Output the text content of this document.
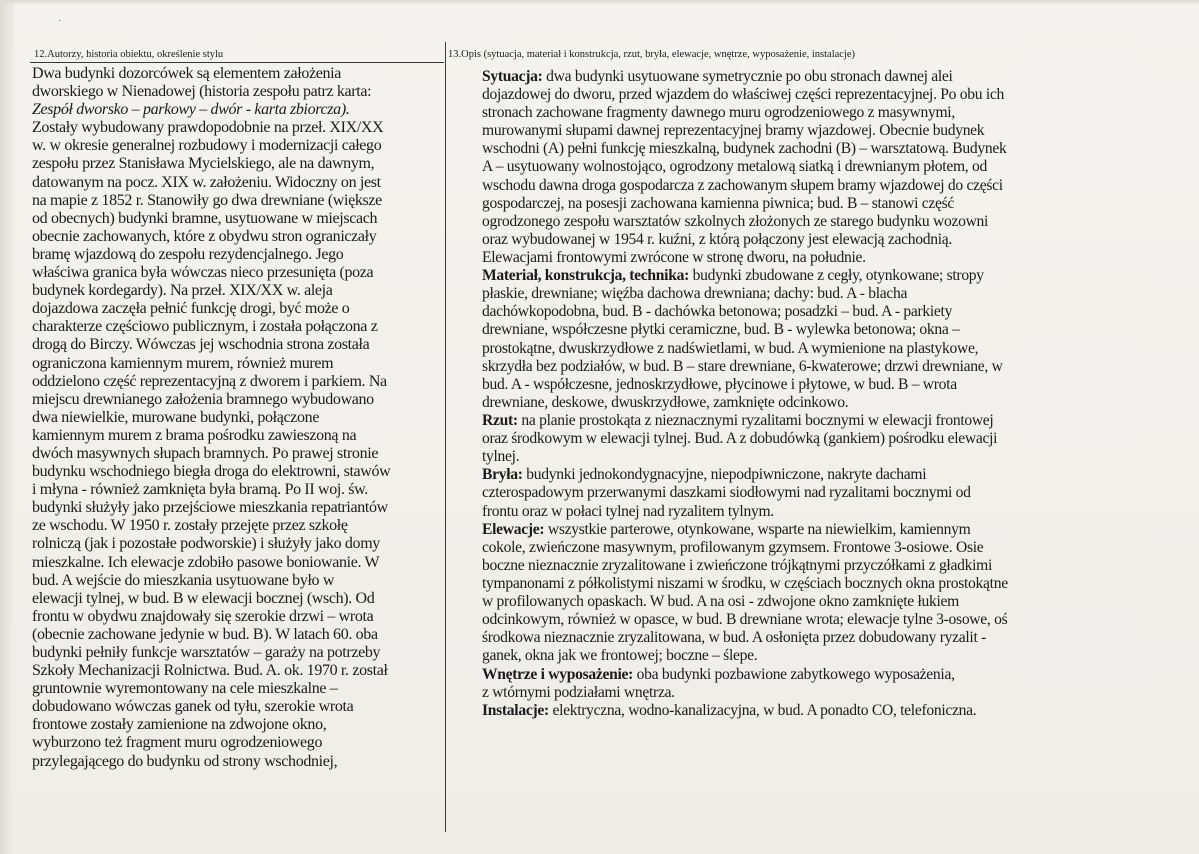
·
12.Autorzy, historia obiektu, określenie stylu
Dwa budynki dozorcówek są elementem założenia
dworskiego w Nienadowej (historia zespołu patrz karta:
Zespół dworsko – parkowy – dwór - karta zbiorcza).
Zostały wybudowany prawdopodobnie na przeł. XIX/XX
w. w okresie generalnej rozbudowy i modernizacji całego
zespołu przez Stanisława Mycielskiego, ale na dawnym,
datowanym na pocz. XIX w. założeniu. Widoczny on jest
na mapie z 1852 r. Stanowiły go dwa drewniane (większe
od obecnych) budynki bramne, usytuowane w miejscach
obecnie zachowanych, które z obydwu stron ograniczały
bramę wjazdową do zespołu rezydencjalnego. Jego
właściwa granica była wówczas nieco przesunięta (poza
budynek kordegardy). Na przeł. XIX/XX w. aleja
dojazdowa zaczęła pełnić funkcję drogi, być może o
charakterze częściowo publicznym, i została połączona z
drogą do Birczy. Wówczas jej wschodnia strona została
ograniczona kamiennym murem, również murem
oddzielono część reprezentacyjną z dworem i parkiem. Na
miejscu drewnianego założenia bramnego wybudowano
dwa niewielkie, murowane budynki, połączone
kamiennym murem z brama pośrodku zawieszoną na
dwóch masywnych słupach bramnych. Po prawej stronie
budynku wschodniego biegła droga do elektrowni, stawów
i młyna - również zamknięta była bramą. Po II woj. św.
budynki służyły jako przejściowe mieszkania repatriantów
ze wschodu. W 1950 r. zostały przejęte przez szkołę
rolniczą (jak i pozostałe podworskie) i służyły jako domy
mieszkalne. Ich elewacje zdobiło pasowe boniowanie. W
bud. A wejście do mieszkania usytuowane było w
elewacji tylnej, w bud. B w elewacji bocznej (wsch). Od
frontu w obydwu znajdowały się szerokie drzwi – wrota
(obecnie zachowane jedynie w bud. B). W latach 60. oba
budynki pełniły funkcje warsztatów – garaży na potrzeby
Szkoły Mechanizacji Rolnictwa. Bud. A. ok. 1970 r. został
gruntownie wyremontowany na cele mieszkalne –
dobudowano wówczas ganek od tyłu, szerokie wrota
frontowe zostały zamienione na zdwojone okno,
wyburzono też fragment muru ogrodzeniowego
przylegającego do budynku od strony wschodniej,
13.Opis (sytuacja, materiał i konstrukcja, rzut, bryła, elewacje, wnętrze, wyposażenie, instalacje)
Sytuacja: dwa budynki usytuowane symetrycznie po obu stronach dawnej alei
dojazdowej do dworu, przed wjazdem do właściwej części reprezentacyjnej. Po obu ich
stronach zachowane fragmenty dawnego muru ogrodzeniowego z masywnymi,
murowanymi słupami dawnej reprezentacyjnej bramy wjazdowej. Obecnie budynek
wschodni (A) pełni funkcję mieszkalną, budynek zachodni (B) – warsztatową. Budynek
A – usytuowany wolnostojąco, ogrodzony metalową siatką i drewnianym płotem, od
wschodu dawna droga gospodarcza z zachowanym słupem bramy wjazdowej do części
gospodarczej, na posesji zachowana kamienna piwnica; bud. B – stanowi część
ogrodzonego zespołu warsztatów szkolnych złożonych ze starego budynku wozowni
oraz wybudowanej w 1954 r. kuźni, z którą połączony jest elewacją zachodnią.
Elewacjami frontowymi zwrócone w stronę dworu, na południe.
Materiał, konstrukcja, technika: budynki zbudowane z cegły, otynkowane; stropy
płaskie, drewniane; więźba dachowa drewniana; dachy: bud. A - blacha
dachówkopodobna, bud. B - dachówka betonowa; posadzki – bud. A - parkiety
drewniane, współczesne płytki ceramiczne, bud. B - wylewka betonowa; okna –
prostokątne, dwuskrzydłowe z nadświetlami, w bud. A wymienione na plastykowe,
skrzydła bez podziałów, w bud. B – stare drewniane, 6-kwaterowe; drzwi drewniane, w
bud. A - współczesne, jednoskrzydłowe, płycinowe i płytowe, w bud. B – wrota
drewniane, deskowe, dwuskrzydłowe, zamknięte odcinkowo.
Rzut: na planie prostokąta z nieznacznymi ryzalitami bocznymi w elewacji frontowej
oraz środkowym w elewacji tylnej. Bud. A z dobudówką (gankiem) pośrodku elewacji
tylnej.
Bryła: budynki jednokondygnacyjne, niepodpiwniczone, nakryte dachami
czterospadowym przerwanymi daszkami siodłowymi nad ryzalitami bocznymi od
frontu oraz w połaci tylnej nad ryzalitem tylnym.
Elewacje: wszystkie parterowe, otynkowane, wsparte na niewielkim, kamiennym
cokole, zwieńczone masywnym, profilowanym gzymsem. Frontowe 3-osiowe. Osie
boczne nieznacznie zryzalitowane i zwieńczone trójkątnymi przyczółkami z gładkimi
tympanonami z półkolistymi niszami w środku, w częściach bocznych okna prostokątne
w profilowanych opaskach. W bud. A na osi - zdwojone okno zamknięte łukiem
odcinkowym, również w opasce, w bud. B drewniane wrota; elewacje tylne 3-osowe, oś
środkowa nieznacznie zryzalitowana, w bud. A osłonięta przez dobudowany ryzalit -
ganek, okna jak we frontowej; boczne – ślepe.
Wnętrze i wyposażenie: oba budynki pozbawione zabytkowego wyposażenia,
z wtórnymi podziałami wnętrza.
Instalacje: elektryczna, wodno-kanalizacyjna, w bud. A ponadto CO, telefoniczna.
